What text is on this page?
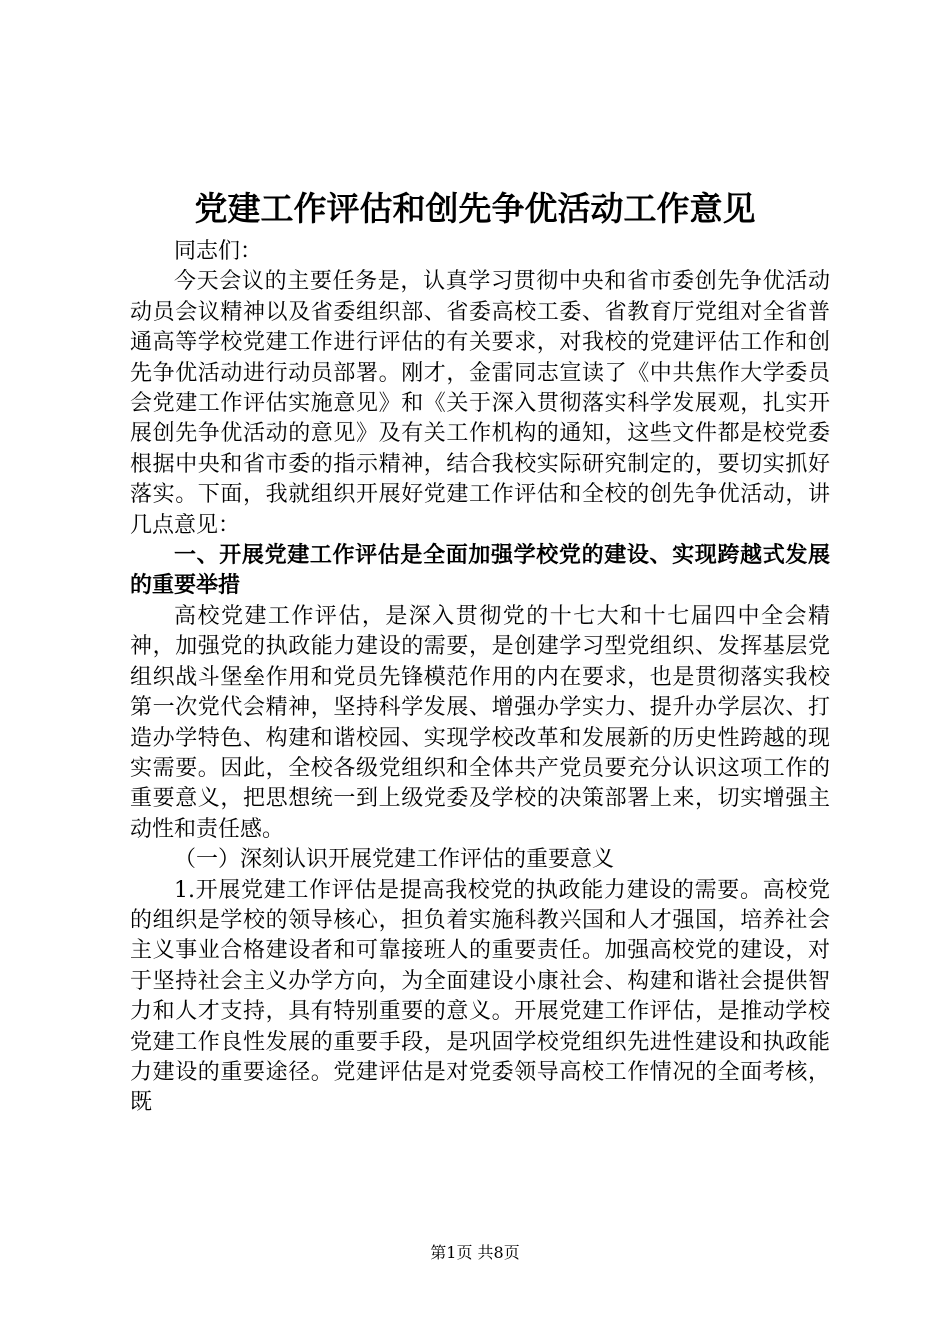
党建工作评估和创先争优活动工作意见

同志们：

今天会议的主要任务是，认真学习贯彻中央和省市委创先争优活动动员会议精神以及省委组织部、省委高校工委、省教育厅党组对全省普通高等学校党建工作进行评估的有关要求，对我校的党建评估工作和创先争优活动进行动员部署。刚才，金雷同志宣读了《中共焦作大学委员会党建工作评估实施意见》和《关于深入贯彻落实科学发展观，扎实开展创先争优活动的意见》及有关工作机构的通知，这些文件都是校党委根据中央和省市委的指示精神，结合我校实际研究制定的，要切实抓好落实。下面，我就组织开展好党建工作评估和全校的创先争优活动，讲几点意见：

一、开展党建工作评估是全面加强学校党的建设、实现跨越式发展的重要举措

高校党建工作评估，是深入贯彻党的十七大和十七届四中全会精神，加强党的执政能力建设的需要，是创建学习型党组织、发挥基层党组织战斗堡垒作用和党员先锋模范作用的内在要求，也是贯彻落实我校第一次党代会精神，坚持科学发展、增强办学实力、提升办学层次、打造办学特色、构建和谐校园、实现学校改革和发展新的历史性跨越的现实需要。因此，全校各级党组织和全体共产党员要充分认识这项工作的重要意义，把思想统一到上级党委及学校的决策部署上来，切实增强主动性和责任感。

（一）深刻认识开展党建工作评估的重要意义

1.开展党建工作评估是提高我校党的执政能力建设的需要。高校党的组织是学校的领导核心，担负着实施科教兴国和人才强国，培养社会主义事业合格建设者和可靠接班人的重要责任。加强高校党的建设，对于坚持社会主义办学方向，为全面建设小康社会、构建和谐社会提供智力和人才支持，具有特别重要的意义。开展党建工作评估，是推动学校党建工作良性发展的重要手段，是巩固学校党组织先进性建设和执政能力建设的重要途径。党建评估是对党委领导高校工作情况的全面考核，既

第1页 共8页
